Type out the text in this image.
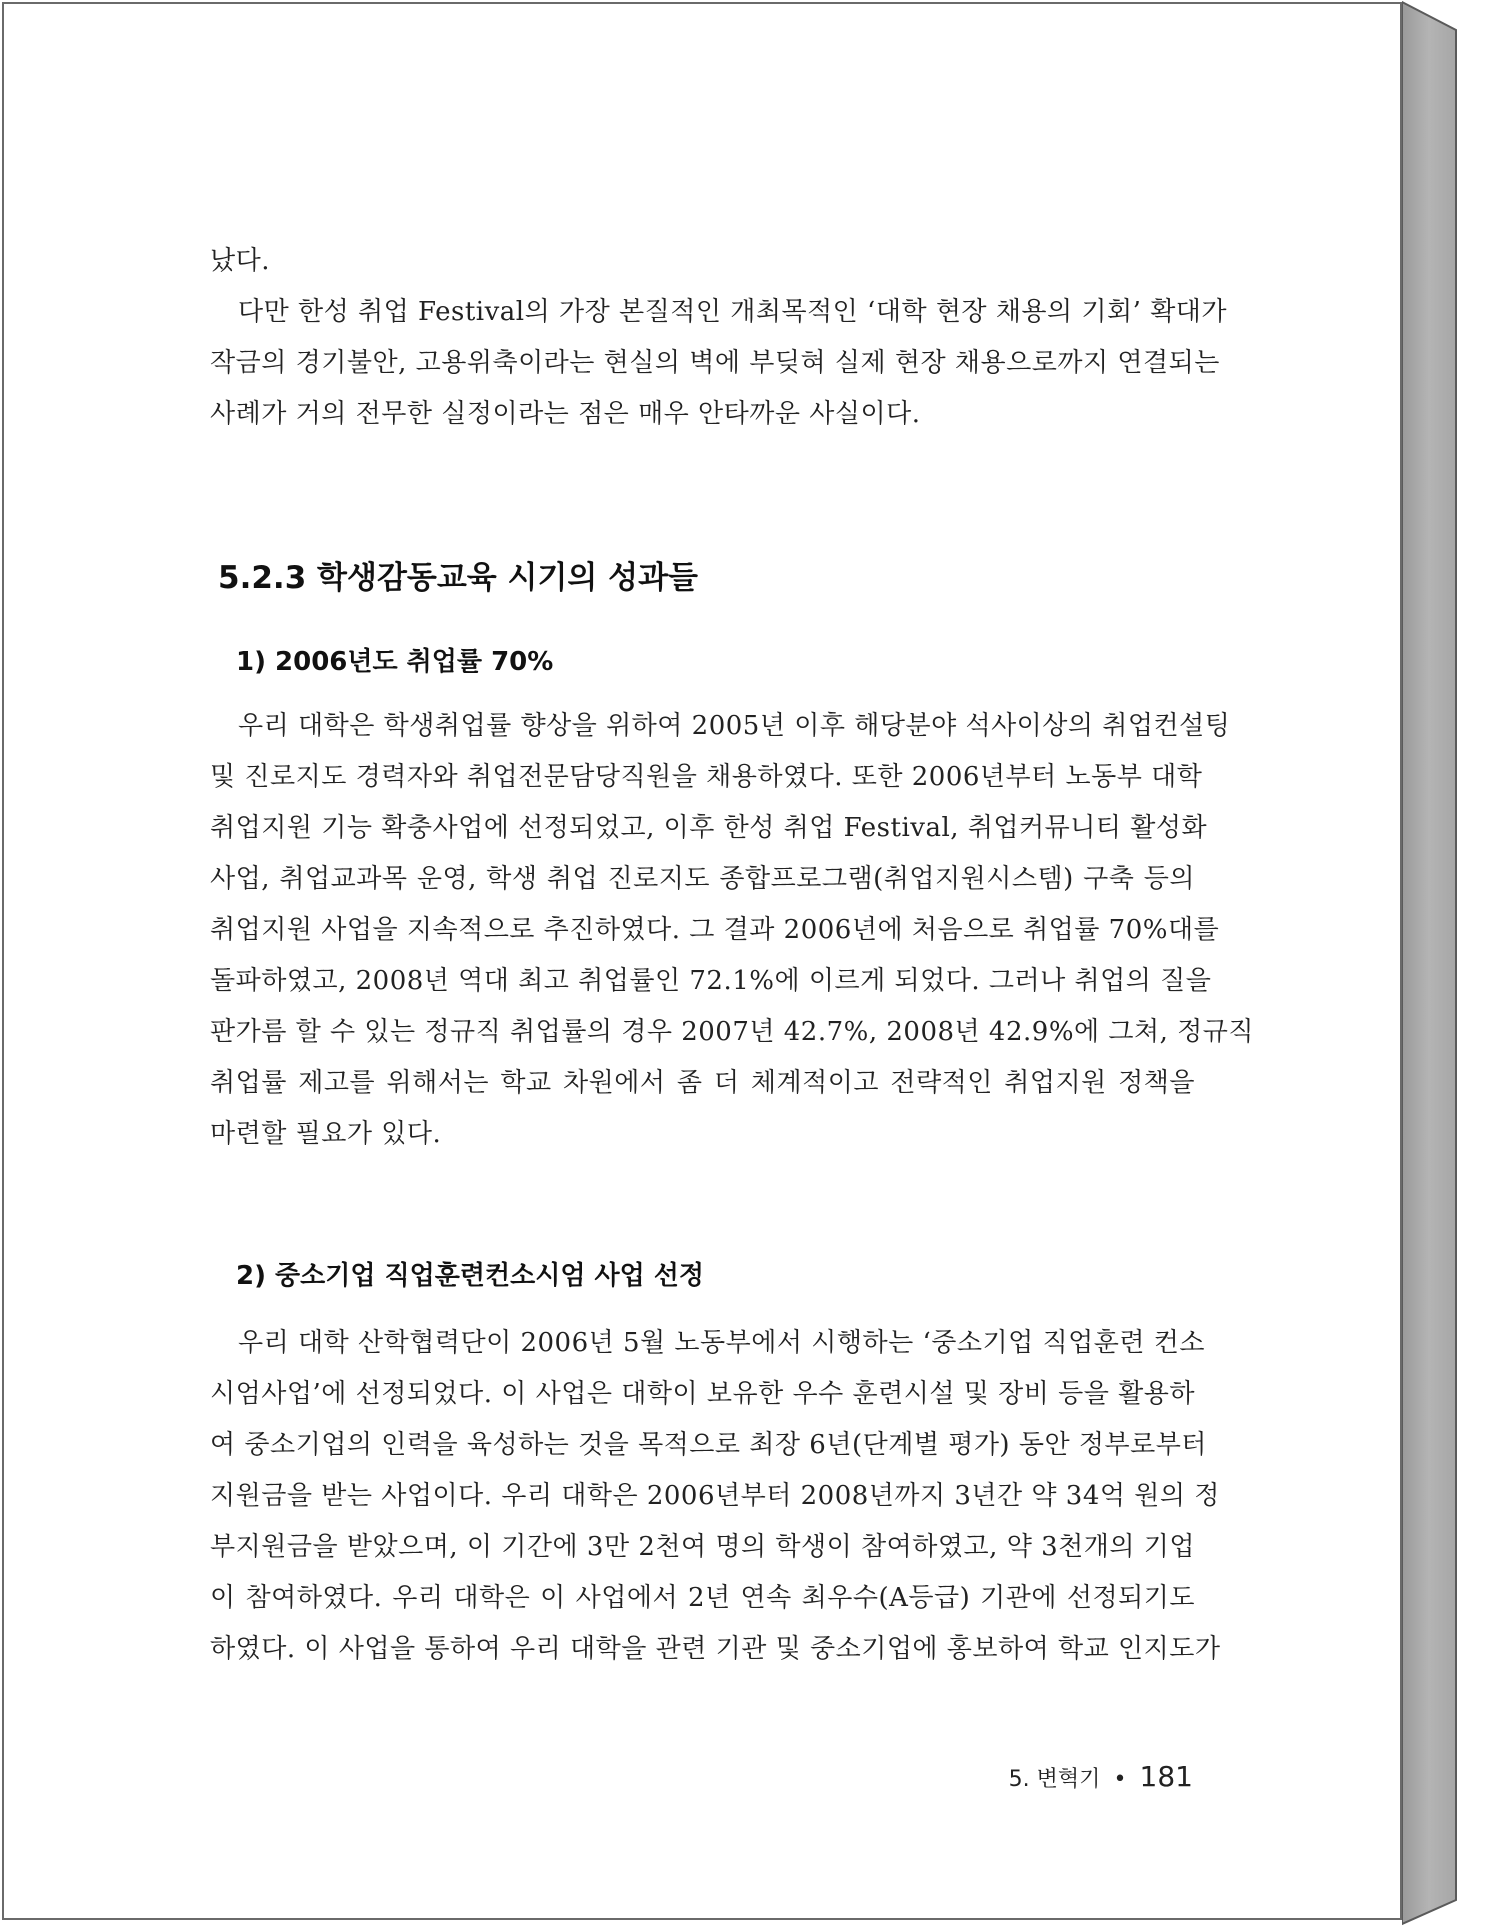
났다.
다만 한성 취업 Festival의 가장 본질적인 개최목적인 ‘대학 현장 채용의 기회’ 확대가
작금의 경기불안, 고용위축이라는 현실의 벽에 부딪혀 실제 현장 채용으로까지 연결되는
사례가 거의 전무한 실정이라는 점은 매우 안타까운 사실이다.

5.2.3 학생감동교육 시기의 성과들
1) 2006년도 취업률 70%

우리 대학은 학생취업률 향상을 위하여 2005년 이후 해당분야 석사이상의 취업컨설팅
및 진로지도 경력자와 취업전문담당직원을 채용하였다. 또한 2006년부터 노동부 대학
취업지원 기능 확충사업에 선정되었고, 이후 한성 취업 Festival, 취업커뮤니티 활성화
사업, 취업교과목 운영, 학생 취업 진로지도 종합프로그램(취업지원시스템) 구축 등의
취업지원 사업을 지속적으로 추진하였다. 그 결과 2006년에 처음으로 취업률 70%대를
돌파하였고, 2008년 역대 최고 취업률인 72.1%에 이르게 되었다. 그러나 취업의 질을
판가름 할 수 있는 정규직 취업률의 경우 2007년 42.7%, 2008년 42.9%에 그쳐, 정규직
취업률 제고를 위해서는 학교 차원에서 좀 더 체계적이고 전략적인 취업지원 정책을
마련할 필요가 있다.

2) 중소기업 직업훈련컨소시엄 사업 선정

우리 대학 산학협력단이 2006년 5월 노동부에서 시행하는 ‘중소기업 직업훈련 컨소
시엄사업’에 선정되었다. 이 사업은 대학이 보유한 우수 훈련시설 및 장비 등을 활용하
여 중소기업의 인력을 육성하는 것을 목적으로 최장 6년(단계별 평가) 동안 정부로부터
지원금을 받는 사업이다. 우리 대학은 2006년부터 2008년까지 3년간 약 34억 원의 정
부지원금을 받았으며, 이 기간에 3만 2천여 명의 학생이 참여하였고, 약 3천개의 기업
이 참여하였다. 우리 대학은 이 사업에서 2년 연속 최우수(A등급) 기관에 선정되기도
하였다. 이 사업을 통하여 우리 대학을 관련 기관 및 중소기업에 홍보하여 학교 인지도가

5. 변혁기 • 181
